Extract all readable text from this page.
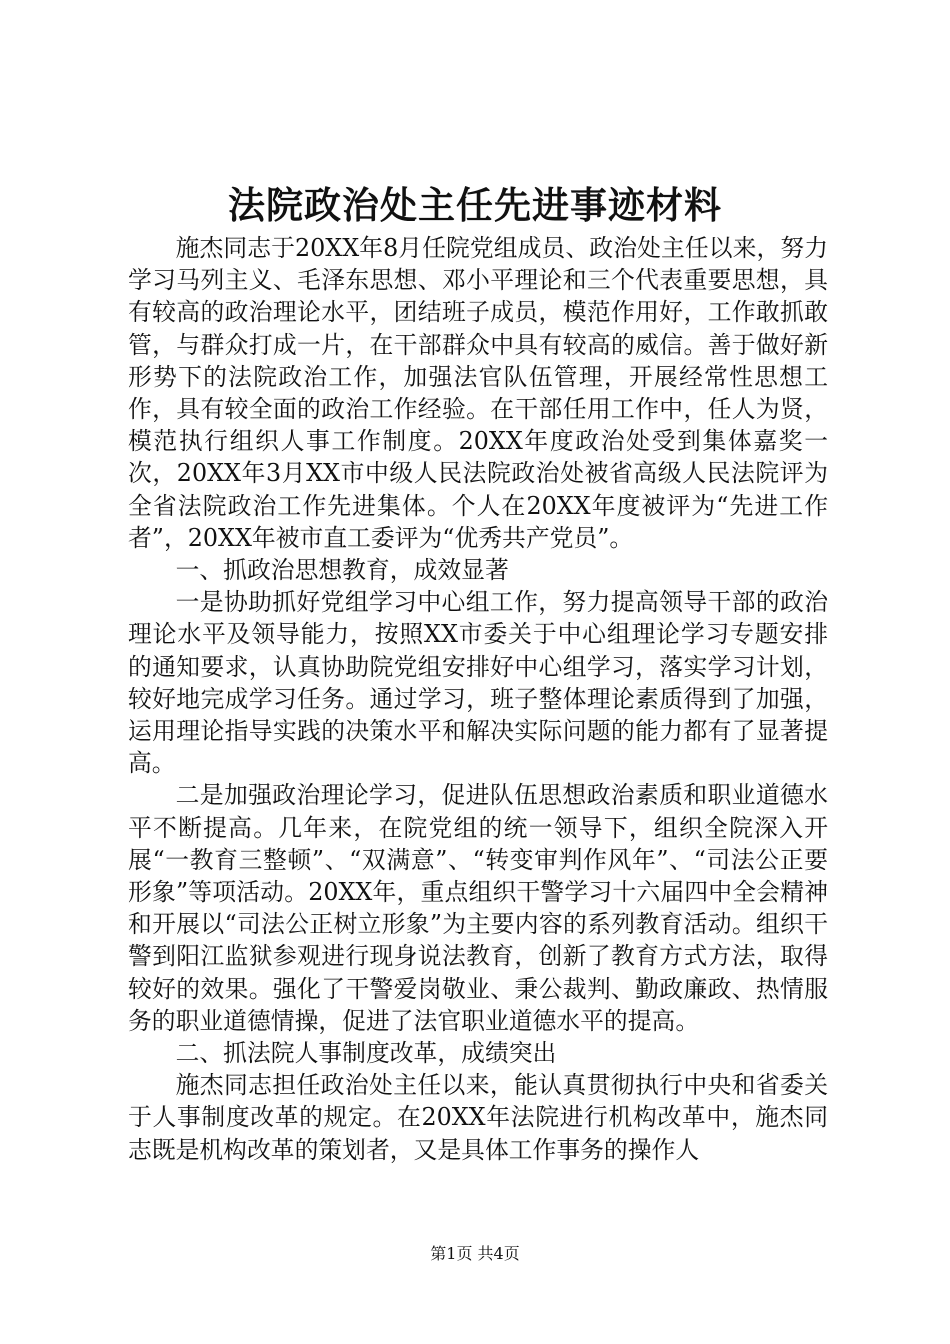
法院政治处主任先进事迹材料

施杰同志于20XX年8月任院党组成员、政治处主任以来，努力学习马列主义、毛泽东思想、邓小平理论和三个代表重要思想，具有较高的政治理论水平，团结班子成员，模范作用好，工作敢抓敢管，与群众打成一片，在干部群众中具有较高的威信。善于做好新形势下的法院政治工作，加强法官队伍管理，开展经常性思想工作，具有较全面的政治工作经验。在干部任用工作中，任人为贤，模范执行组织人事工作制度。20XX年度政治处受到集体嘉奖一次，20XX年3月XX市中级人民法院政治处被省高级人民法院评为全省法院政治工作先进集体。个人在20XX年度被评为“先进工作者”，20XX年被市直工委评为“优秀共产党员”。

一、抓政治思想教育，成效显著

一是协助抓好党组学习中心组工作，努力提高领导干部的政治理论水平及领导能力，按照XX市委关于中心组理论学习专题安排的通知要求，认真协助院党组安排好中心组学习，落实学习计划，较好地完成学习任务。通过学习，班子整体理论素质得到了加强，运用理论指导实践的决策水平和解决实际问题的能力都有了显著提高。

二是加强政治理论学习，促进队伍思想政治素质和职业道德水平不断提高。几年来，在院党组的统一领导下，组织全院深入开展“一教育三整顿”、“双满意”、“转变审判作风年”、“司法公正要形象”等项活动。20XX年，重点组织干警学习十六届四中全会精神和开展以“司法公正树立形象”为主要内容的系列教育活动。组织干警到阳江监狱参观进行现身说法教育，创新了教育方式方法，取得较好的效果。强化了干警爱岗敬业、秉公裁判、勤政廉政、热情服务的职业道德情操，促进了法官职业道德水平的提高。

二、抓法院人事制度改革，成绩突出

施杰同志担任政治处主任以来，能认真贯彻执行中央和省委关于人事制度改革的规定。在20XX年法院进行机构改革中，施杰同志既是机构改革的策划者，又是具体工作事务的操作人

第1页 共4页
